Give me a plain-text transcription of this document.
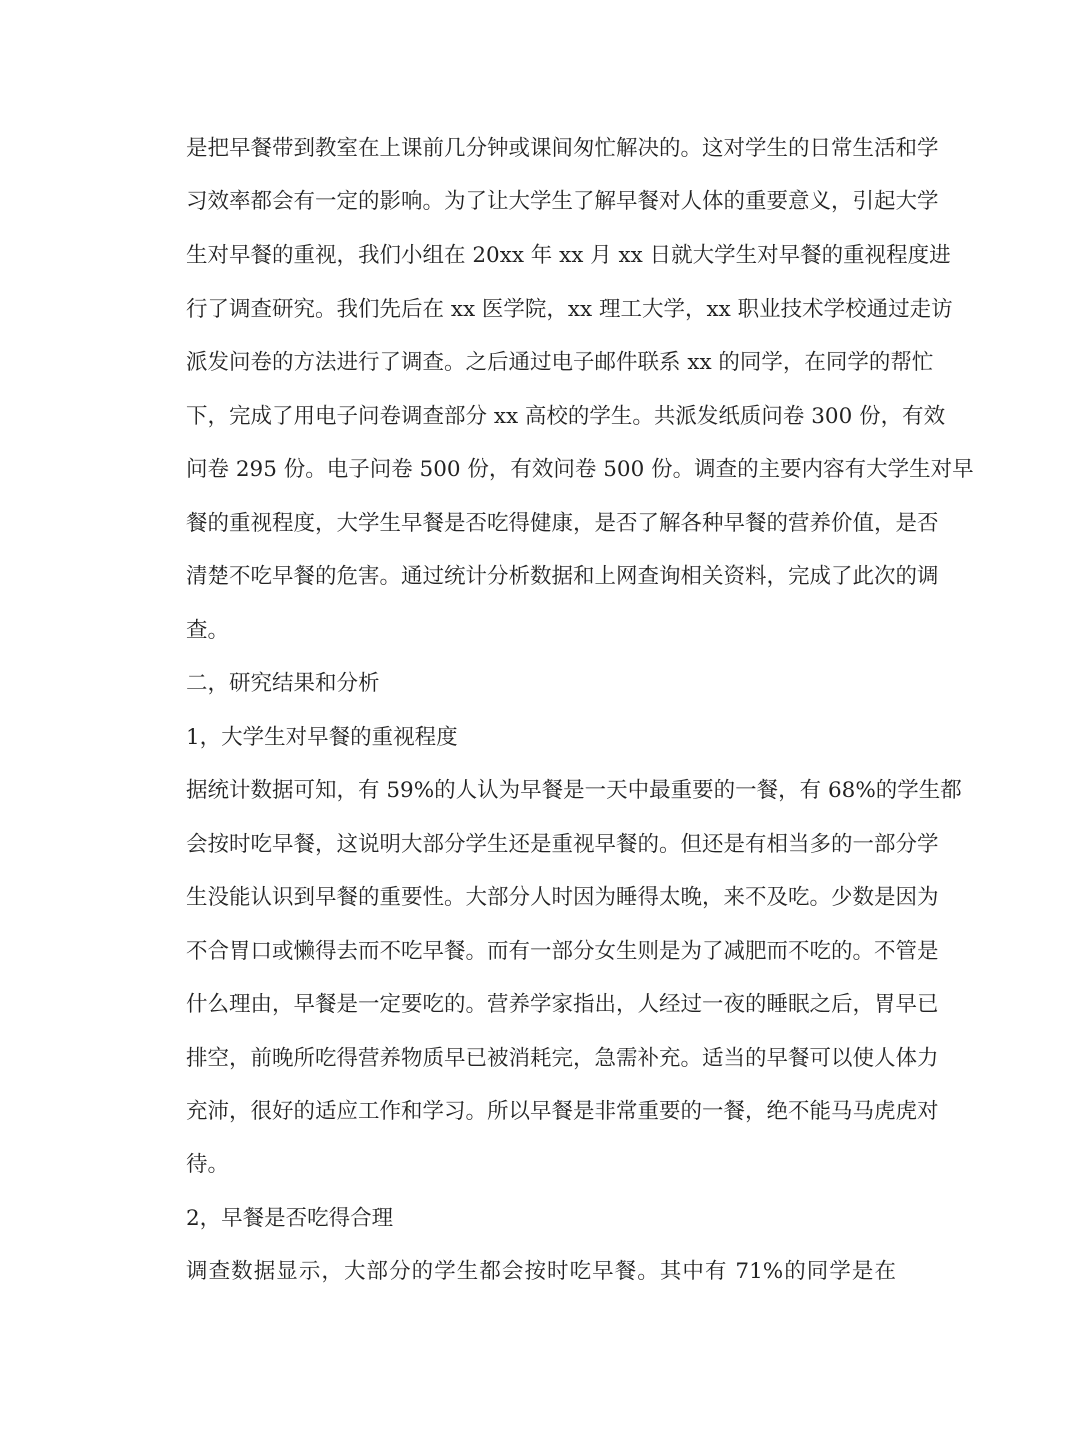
是把早餐带到教室在上课前几分钟或课间匆忙解决的。这对学生的日常生活和学
习效率都会有一定的影响。为了让大学生了解早餐对人体的重要意义，引起大学
生对早餐的重视，我们小组在 20xx 年 xx 月 xx 日就大学生对早餐的重视程度进
行了调查研究。我们先后在 xx 医学院，xx 理工大学，xx 职业技术学校通过走访
派发问卷的方法进行了调查。之后通过电子邮件联系 xx 的同学，在同学的帮忙
下，完成了用电子问卷调查部分 xx 高校的学生。共派发纸质问卷 300 份，有效
问卷 295 份。电子问卷 500 份，有效问卷 500 份。调查的主要内容有大学生对早
餐的重视程度，大学生早餐是否吃得健康，是否了解各种早餐的营养价值，是否
清楚不吃早餐的危害。通过统计分析数据和上网查询相关资料，完成了此次的调
查。
二，研究结果和分析
1，大学生对早餐的重视程度
据统计数据可知，有 59%的人认为早餐是一天中最重要的一餐，有 68%的学生都
会按时吃早餐，这说明大部分学生还是重视早餐的。但还是有相当多的一部分学
生没能认识到早餐的重要性。大部分人时因为睡得太晚，来不及吃。少数是因为
不合胃口或懒得去而不吃早餐。而有一部分女生则是为了减肥而不吃的。不管是
什么理由，早餐是一定要吃的。营养学家指出，人经过一夜的睡眠之后，胃早已
排空，前晚所吃得营养物质早已被消耗完，急需补充。适当的早餐可以使人体力
充沛，很好的适应工作和学习。所以早餐是非常重要的一餐，绝不能马马虎虎对
待。
2，早餐是否吃得合理
调查数据显示，大部分的学生都会按时吃早餐。其中有 71%的同学是在
